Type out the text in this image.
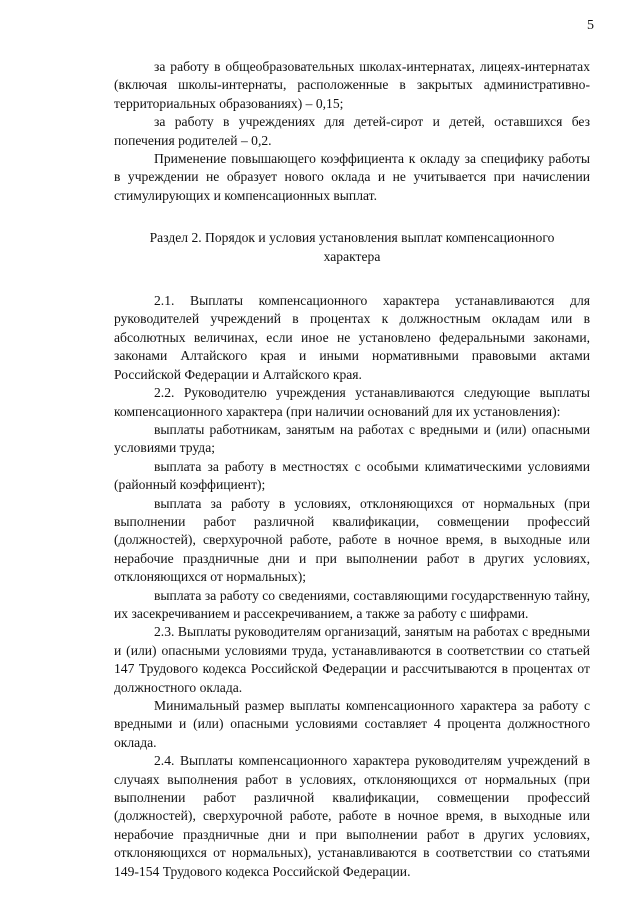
5

за работу в общеобразовательных школах-интернатах, лицеях-интернатах (включая школы-интернаты, расположенные в закрытых административно-территориальных образованиях) – 0,15;

за работу в учреждениях для детей-сирот и детей, оставшихся без попечения родителей – 0,2.

Применение повышающего коэффициента к окладу за специфику работы в учреждении не образует нового оклада и не учитывается при начислении стимулирующих и компенсационных выплат.

Раздел 2. Порядок и условия установления выплат компенсационного характера

2.1. Выплаты компенсационного характера устанавливаются для руководителей учреждений в процентах к должностным окладам или в абсолютных величинах, если иное не установлено федеральными законами, законами Алтайского края и иными нормативными правовыми актами Российской Федерации и Алтайского края.

2.2. Руководителю учреждения устанавливаются следующие выплаты компенсационного характера (при наличии оснований для их установления):

выплаты работникам, занятым на работах с вредными и (или) опасными условиями труда;

выплата за работу в местностях с особыми климатическими условиями (районный коэффициент);

выплата за работу в условиях, отклоняющихся от нормальных (при выполнении работ различной квалификации, совмещении профессий (должностей), сверхурочной работе, работе в ночное время, в выходные или нерабочие праздничные дни и при выполнении работ в других условиях, отклоняющихся от нормальных);

выплата за работу со сведениями, составляющими государственную тайну, их засекречиванием и рассекречиванием, а также за работу с шифрами.

2.3. Выплаты руководителям организаций, занятым на работах с вредными и (или) опасными условиями труда, устанавливаются в соответствии со статьей 147 Трудового кодекса Российской Федерации и рассчитываются в процентах от должностного оклада.

Минимальный размер выплаты компенсационного характера за работу с вредными и (или) опасными условиями составляет 4 процента должностного оклада.

2.4. Выплаты компенсационного характера руководителям учреждений в случаях выполнения работ в условиях, отклоняющихся от нормальных (при выполнении работ различной квалификации, совмещении профессий (должностей), сверхурочной работе, работе в ночное время, в выходные или нерабочие праздничные дни и при выполнении работ в других условиях, отклоняющихся от нормальных), устанавливаются в соответствии со статьями 149-154 Трудового кодекса Российской Федерации.
